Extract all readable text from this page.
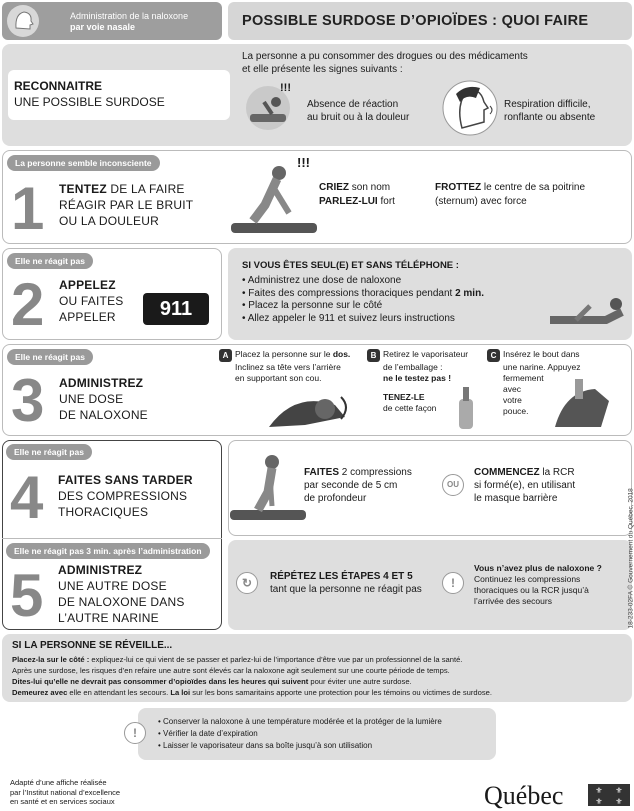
Administration de la naloxone
par voie nasale	POSSIBLE SURDOSE D’OPIOÏDES : QUOI FAIRE
RECONNAITRE
UNE POSSIBLE SURDOSE
La personne a pu consommer des drogues ou des médicaments
et elle présente les signes suivants :
!!!
Absence de réaction
au bruit ou à la douleur
Respiration difficile,
ronflante ou absente
La personne semble inconsciente
1 TENTEZ DE LA FAIRE
RÉAGIR PAR LE BRUIT
OU LA DOULEUR
!!!
CRIEZ son nom
PARLEZ-LUI fort
FROTTEZ le centre de sa poitrine
(sternum) avec force
Elle ne réagit pas
2 APPELEZ
OU FAITES
APPELER	911
SI VOUS ÊTES SEUL(E) ET SANS TÉLÉPHONE :
• Administrez une dose de naloxone
• Faites des compressions thoraciques pendant 2 min.
• Placez la personne sur le côté
• Allez appeler le 911 et suivez leurs instructions
Elle ne réagit pas
3 ADMINISTREZ
UNE DOSE
DE NALOXONE
A Placez la personne sur le dos.
Inclinez sa tête vers l’arrière
en supportant son cou.
B Retirez le vaporisateur
de l’emballage :
ne le testez pas !
TENEZ-LE
de cette façon
C Insérez le bout dans
une narine. Appuyez
fermement
avec
votre
pouce.
Elle ne réagit pas
4 FAITES SANS TARDER
DES COMPRESSIONS
THORACIQUES
FAITES 2 compressions
par seconde de 5 cm
de profondeur
OU
COMMENCEZ la RCR
si formé(e), en utilisant
le masque barrière
Elle ne réagit pas 3 min. après l’administration
5 ADMINISTREZ
UNE AUTRE DOSE
DE NALOXONE DANS
L’AUTRE NARINE
↻	RÉPÉTEZ LES ÉTAPES 4 ET 5
tant que la personne ne réagit pas	!
Vous n’avez plus de naloxone ?
Continuez les compressions
thoraciques ou la RCR jusqu’à
l’arrivée des secours
SI LA PERSONNE SE RÉVEILLE...
Placez-la sur le côté : expliquez-lui ce qui vient de se passer et parlez-lui de l’importance d’être vue par un professionnel de la santé.
Après une surdose, les risques d’en refaire une autre sont élevés car la naloxone agit seulement sur une courte période de temps.
Dites-lui qu’elle ne devrait pas consommer d’opioïdes dans les heures qui suivent pour éviter une autre surdose.
Demeurez avec elle en attendant les secours. La loi sur les bons samaritains apporte une protection pour les témoins ou victimes de surdose.
!
• Conserver la naloxone à une température modérée et la protéger de la lumière
• Vérifier la date d’expiration
• Laisser le vaporisateur dans sa boîte jusqu’à son utilisation
Adapté d’une affiche réalisée
par l’Institut national d’excellence
en santé et en services sociaux	Québec	⚜	⚜
⚜	⚜
18-233-02FA © Gouvernement du Québec, 2018
